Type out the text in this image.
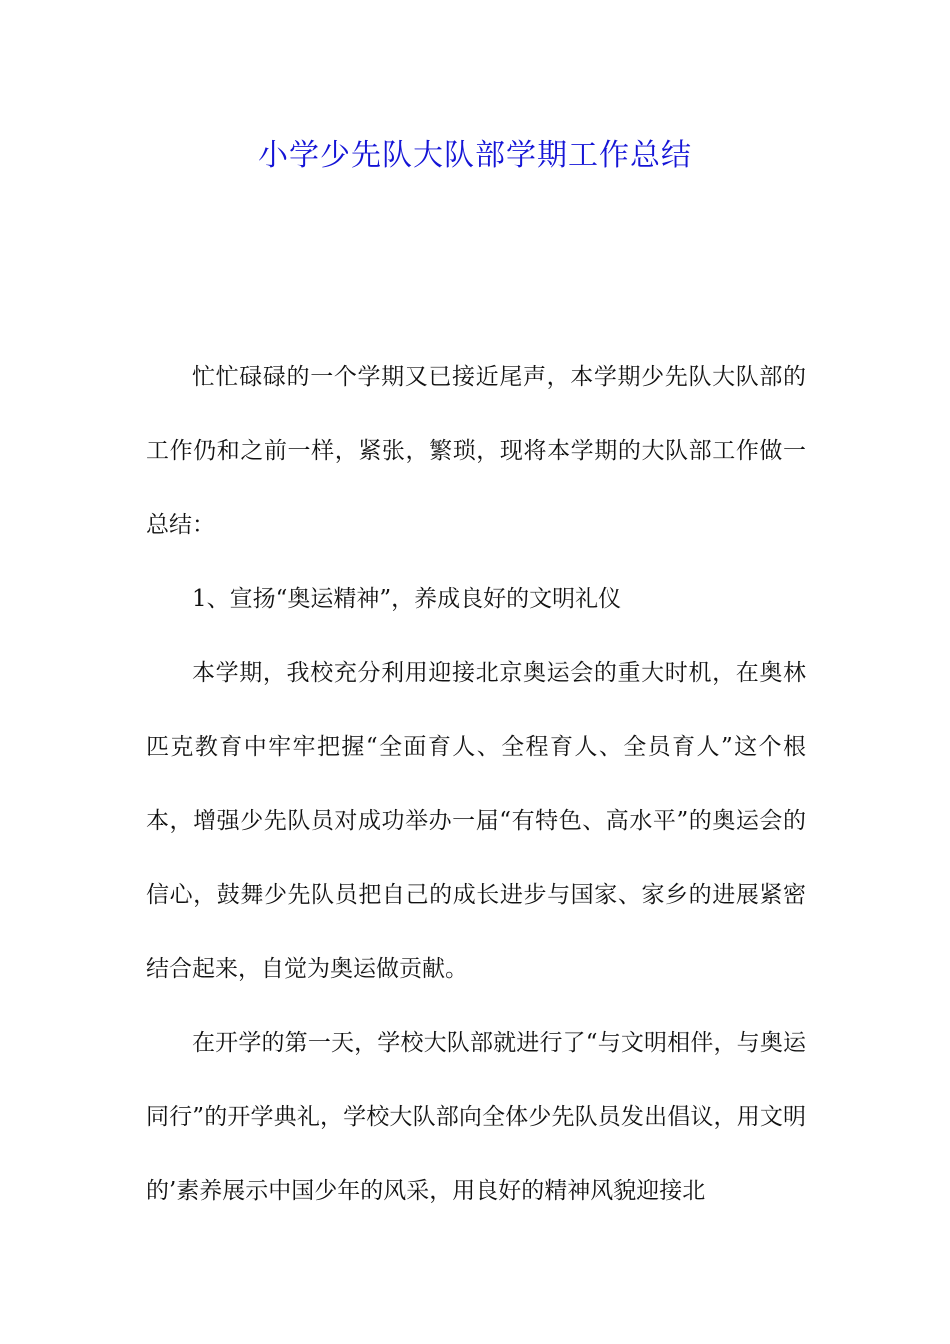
小学少先队大队部学期工作总结

忙忙碌碌的一个学期又已接近尾声，本学期少先队大队部的工作仍和之前一样，紧张，繁琐，现将本学期的大队部工作做一总结：

1、宣扬“奥运精神”，养成良好的文明礼仪

本学期，我校充分利用迎接北京奥运会的重大时机，在奥林匹克教育中牢牢把握“全面育人、全程育人、全员育人”这个根本，增强少先队员对成功举办一届“有特色、高水平”的奥运会的信心，鼓舞少先队员把自己的成长进步与国家、家乡的进展紧密结合起来，自觉为奥运做贡献。

在开学的第一天，学校大队部就进行了“与文明相伴，与奥运同行”的开学典礼，学校大队部向全体少先队员发出倡议，用文明的’素养展示中国少年的风采，用良好的精神风貌迎接北
